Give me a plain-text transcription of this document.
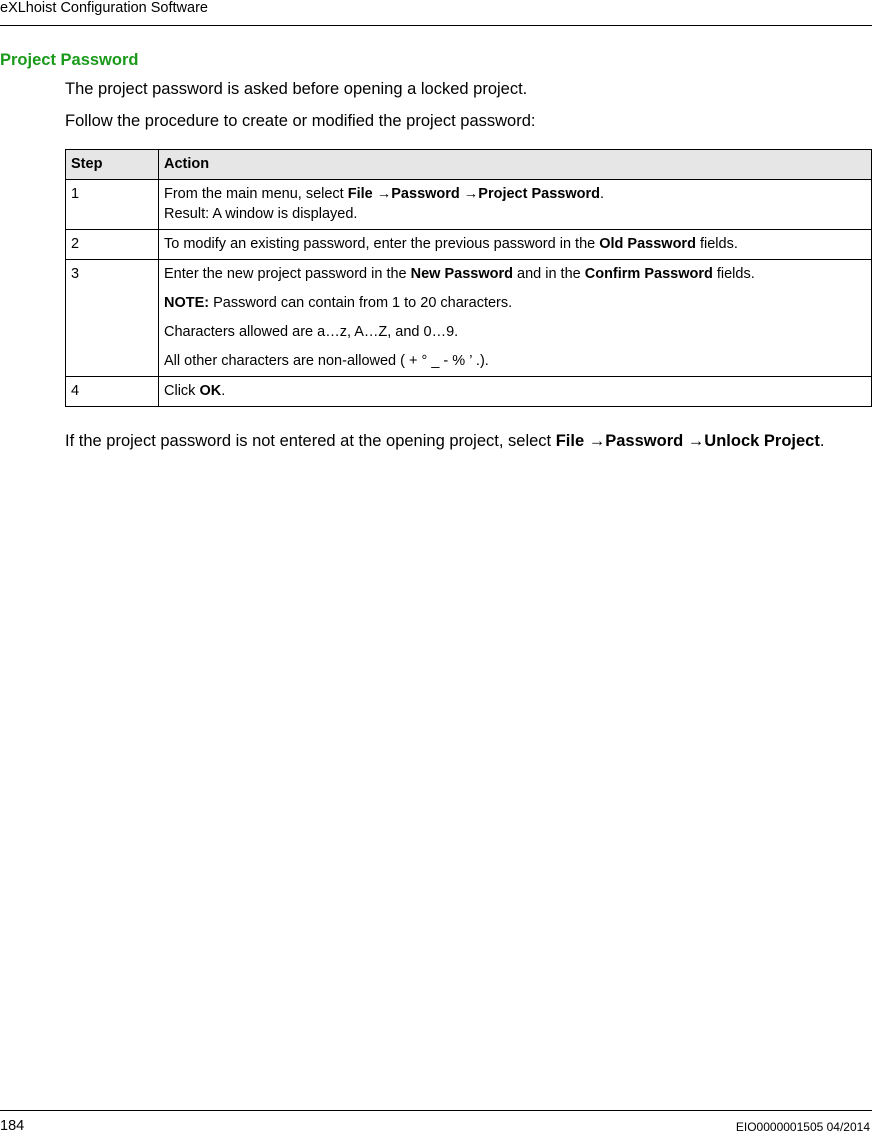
eXLhoist Configuration Software
Project Password
The project password is asked before opening a locked project.
Follow the procedure to create or modified the project password:
Step	Action
1	From the main menu, select File →Password →Project Password.
Result: A window is displayed.

2	To modify an existing password, enter the previous password in the Old Password fields.
3	Enter the new project password in the New Password and in the Confirm Password fields.
NOTE: Password can contain from 1 to 20 characters.
Characters allowed are a…z, A…Z, and 0…9.
All other characters are non-allowed ( + ° _ - % ’ .).

4	Click OK.
If the project password is not entered at the opening project, select File →Password →Unlock Project.
184	EIO0000001505 04/2014
